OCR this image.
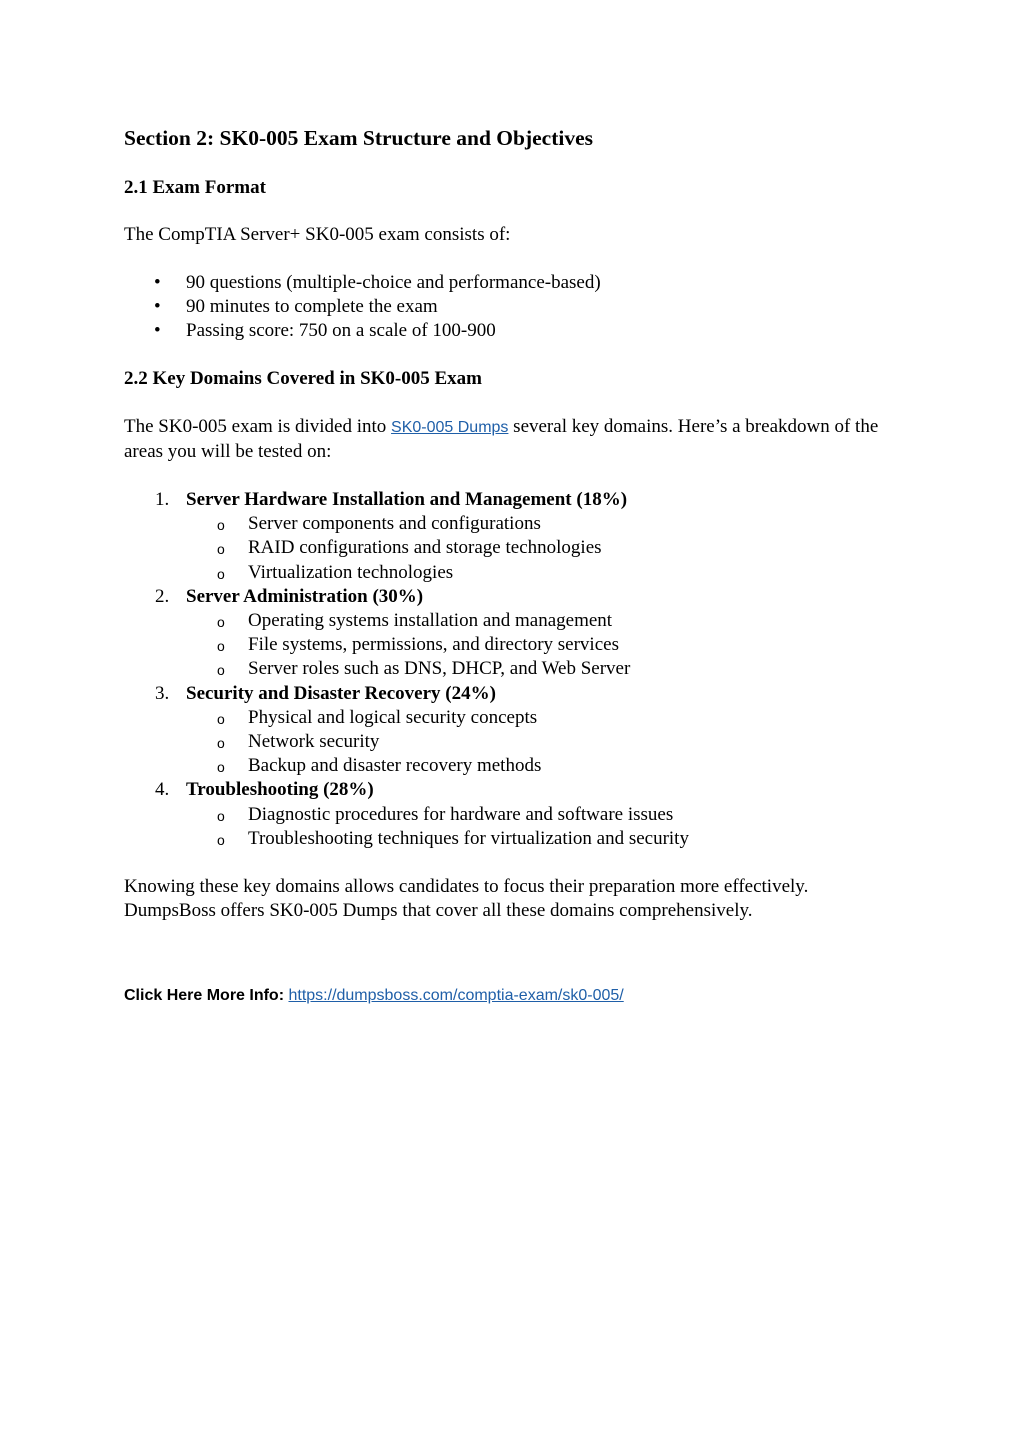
Section 2: SK0-005 Exam Structure and Objectives
2.1 Exam Format

The CompTIA Server+ SK0-005 exam consists of:

• 90 questions (multiple-choice and performance-based)
• 90 minutes to complete the exam
• Passing score: 750 on a scale of 100-900
2.2 Key Domains Covered in SK0-005 Exam

The SK0-005 exam is divided into SK0-005 Dumps several key domains. Here’s a breakdown of the areas you will be tested on:

1. Server Hardware Installation and Management (18%)
o Server components and configurations
o RAID configurations and storage technologies
o Virtualization technologies
2. Server Administration (30%)
o Operating systems installation and management
o File systems, permissions, and directory services
o Server roles such as DNS, DHCP, and Web Server
3. Security and Disaster Recovery (24%)
o Physical and logical security concepts
o Network security
o Backup and disaster recovery methods
4. Troubleshooting (28%)
o Diagnostic procedures for hardware and software issues
o Troubleshooting techniques for virtualization and security

Knowing these key domains allows candidates to focus their preparation more effectively. DumpsBoss offers SK0-005 Dumps that cover all these domains comprehensively.

Click Here More Info: https://dumpsboss.com/comptia-exam/sk0-005/
